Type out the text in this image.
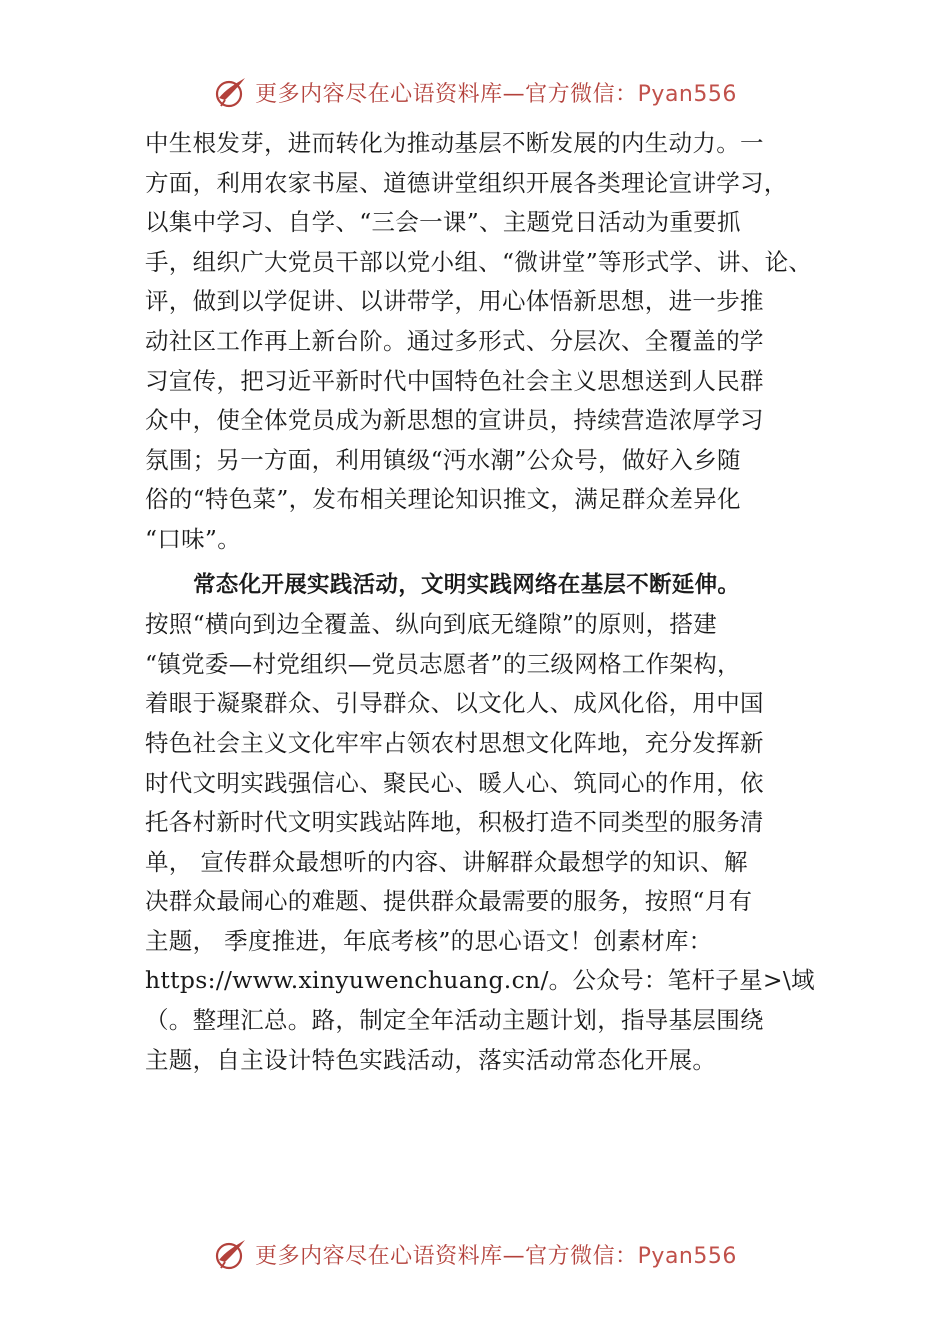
更多内容尽在心语资料库—官方微信：Pyan556
中生根发芽，进而转化为推动基层不断发展的内生动力。一
方面，利用农家书屋、道德讲堂组织开展各类理论宣讲学习，
以集中学习、自学、“三会一课”、主题党日活动为重要抓
手，组织广大党员干部以党小组、“微讲堂”等形式学、讲、论、
评，做到以学促讲、以讲带学，用心体悟新思想，进一步推
动社区工作再上新台阶。通过多形式、分层次、全覆盖的学
习宣传，把习近平新时代中国特色社会主义思想送到人民群
众中，使全体党员成为新思想的宣讲员，持续营造浓厚学习
氛围；另一方面，利用镇级“沔水潮”公众号，做好入乡随
俗的“特色菜”，发布相关理论知识推文，满足群众差异化
“口味”。
常态化开展实践活动，文明实践网络在基层不断延伸。
按照“横向到边全覆盖、纵向到底无缝隙”的原则，搭建
“镇党委—村党组织—党员志愿者”的三级网格工作架构，
着眼于凝聚群众、引导群众、以文化人、成风化俗，用中国
特色社会主义文化牢牢占领农村思想文化阵地，充分发挥新
时代文明实践强信心、聚民心、暖人心、筑同心的作用，依
托各村新时代文明实践站阵地，积极打造不同类型的服务清
单， 宣传群众最想听的内容、讲解群众最想学的知识、解
决群众最闹心的难题、提供群众最需要的服务，按照“月有
主题， 季度推进，年底考核”的思心语文！创素材库：
https://www.xinyuwenchuang.cn/。公众号：笔杆子星>\域
（。整理汇总。路，制定全年活动主题计划，指导基层围绕
主题，自主设计特色实践活动，落实活动常态化开展。
更多内容尽在心语资料库—官方微信：Pyan556
